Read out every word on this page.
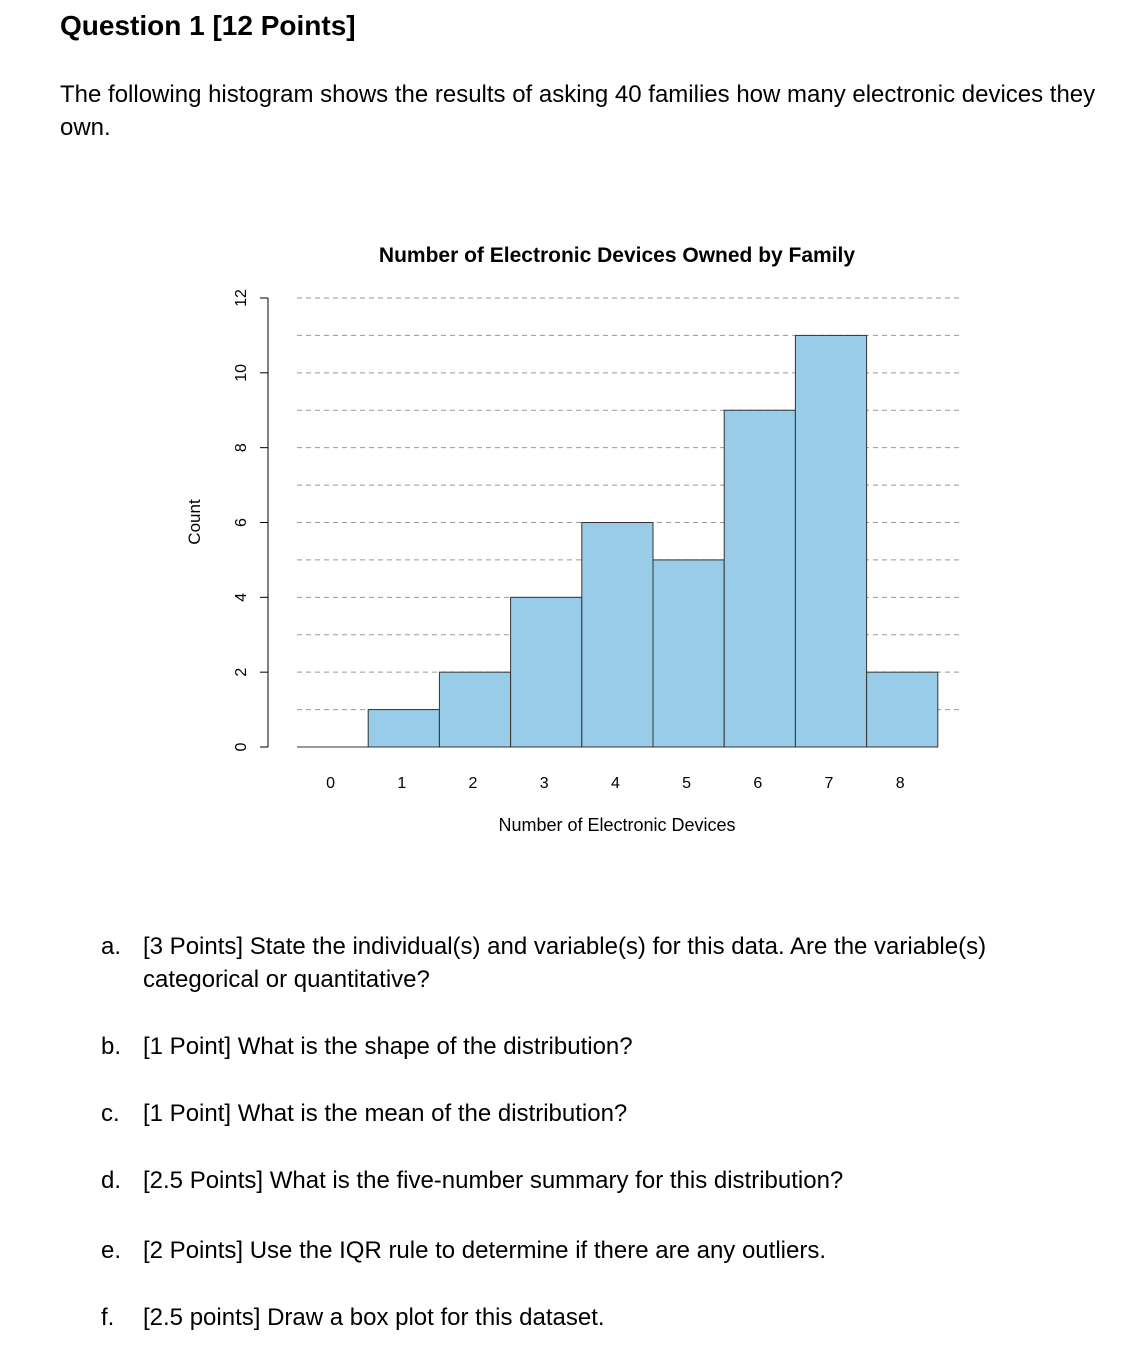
Question 1 [12 Points]

The following histogram shows the results of asking 40 families how many electronic devices they own.

0
2
4
6
8
10
12
0	1	2	3	4	5	6	7	8
Number of Electronic Devices Owned by Family
Number of Electronic Devices
Count
a. [3 Points] State the individual(s) and variable(s) for this data. Are the variable(s) categorical or quantitative?
b. [1 Point] What is the shape of the distribution?
c. [1 Point] What is the mean of the distribution?
d. [2.5 Points] What is the five-number summary for this distribution?
e. [2 Points] Use the IQR rule to determine if there are any outliers.
f. [2.5 points] Draw a box plot for this dataset.
